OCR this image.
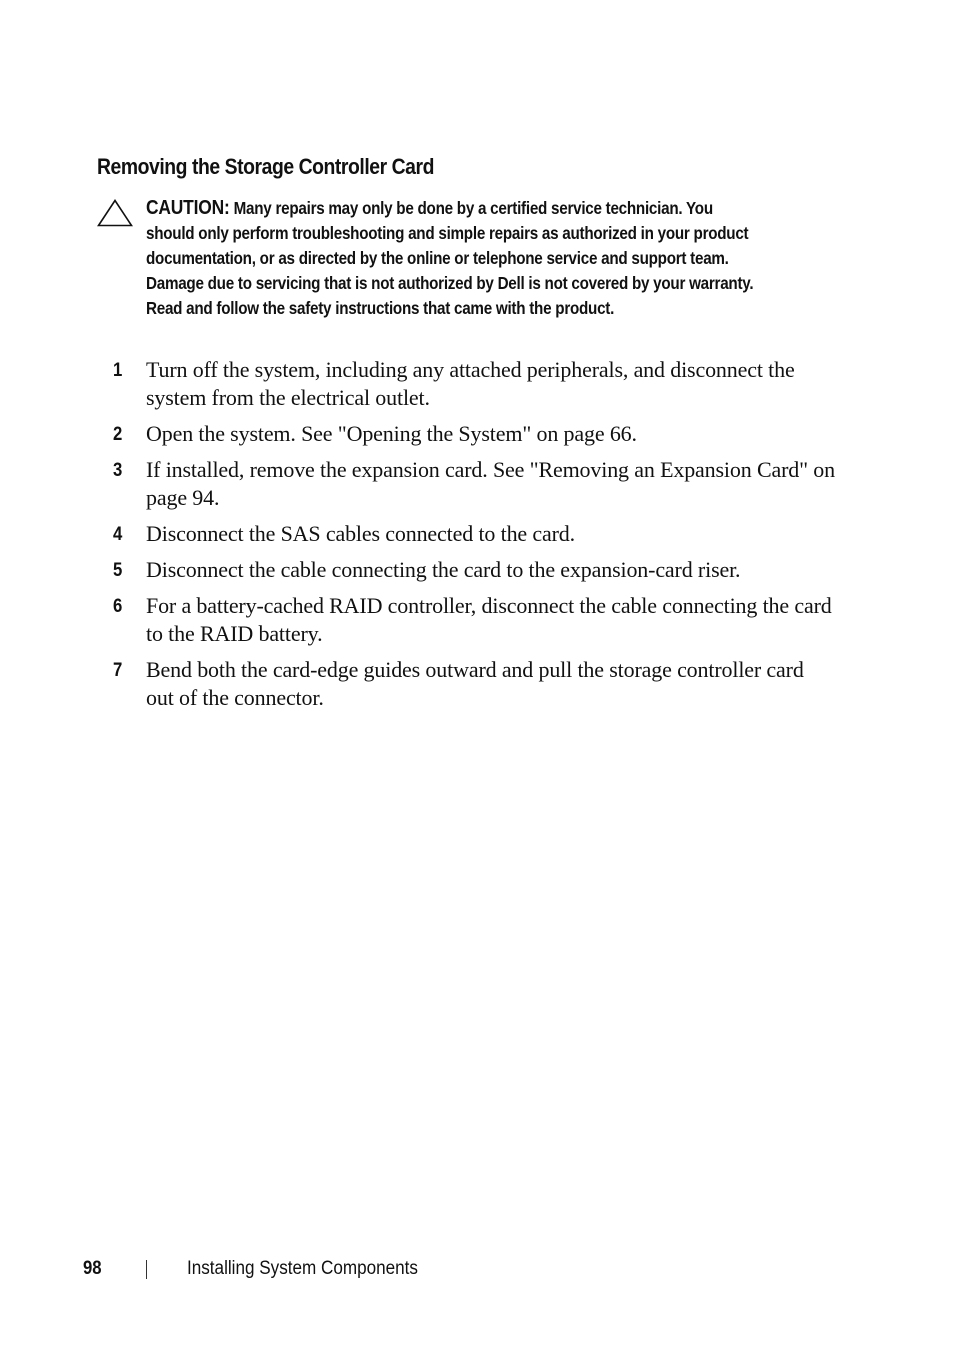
Removing the Storage Controller Card
CAUTION: Many repairs may only be done by a certified service technician. You should only perform troubleshooting and simple repairs as authorized in your product documentation, or as directed by the online or telephone service and support team. Damage due to servicing that is not authorized by Dell is not covered by your warranty. Read and follow the safety instructions that came with the product.
1 Turn off the system, including any attached peripherals, and disconnect the system from the electrical outlet.
2 Open the system. See "Opening the System" on page 66.
3 If installed, remove the expansion card. See "Removing an Expansion Card" on page 94.
4 Disconnect the SAS cables connected to the card.
5 Disconnect the cable connecting the card to the expansion-card riser.
6 For a battery-cached RAID controller, disconnect the cable connecting the card to the RAID battery.
7 Bend both the card-edge guides outward and pull the storage controller card out of the connector.
98	Installing System Components
